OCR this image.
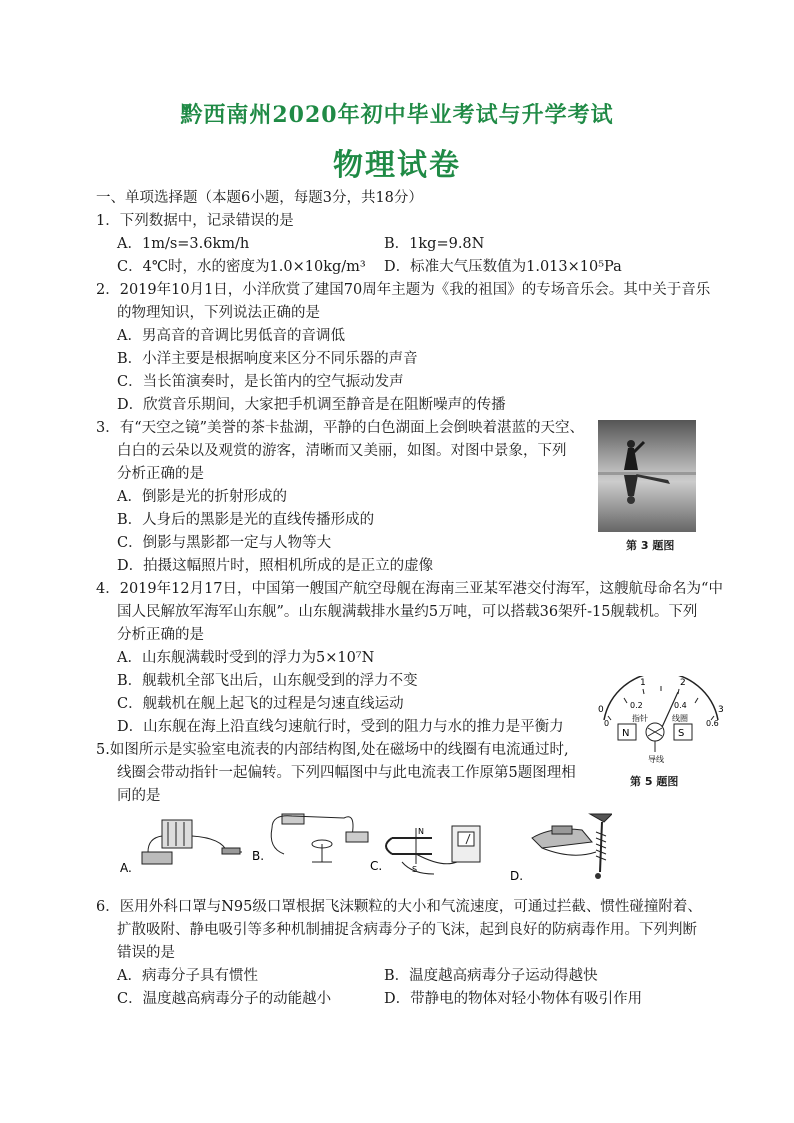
黔西南州2020年初中毕业考试与升学考试
物理试卷
一、单项选择题（本题6小题，每题3分，共18分）
1．下列数据中，记录错误的是
A．1m/s=3.6km/h	B．1kg=9.8N
C．4℃时，水的密度为1.0×10kg/m³ D．标准大气压数值为1.013×10⁵Pa
2．2019年10月1日，小洋欣赏了建国70周年主题为《我的祖国》的专场音乐会。其中关于音乐
的物理知识，下列说法正确的是
A．男高音的音调比男低音的音调低
B．小洋主要是根据响度来区分不同乐器的声音
C．当长笛演奏时，是长笛内的空气振动发声
D．欣赏音乐期间，大家把手机调至静音是在阻断噪声的传播
3．有“天空之镜”美誉的茶卡盐湖，平静的白色湖面上会倒映着湛蓝的天空、
白白的云朵以及观赏的游客，清晰而又美丽，如图。对图中景象，下列
分析正确的是
A．倒影是光的折射形成的
B．人身后的黑影是光的直线传播形成的
C．倒影与黑影都一定与人物等大
D．拍摄这幅照片时，照相机所成的是正立的虚像
第 3 题图
4．2019年12月17日，中国第一艘国产航空母舰在海南三亚某军港交付海军，这艘航母命名为“中
国人民解放军海军山东舰”。山东舰满载排水量约5万吨，可以搭载36架歼-15舰载机。下列
分析正确的是
A．山东舰满载时受到的浮力为5×10⁷N
B．舰载机全部飞出后，山东舰受到的浮力不变
C．舰载机在舰上起飞的过程是匀速直线运动
D．山东舰在海上沿直线匀速航行时，受到的阻力与水的推力是平衡力
5.如图所示是实验室电流表的内部结构图,处在磁场中的线圈有电流通过时,
线圈会带动指针一起偏转。下列四幅图中与此电流表工作原第5题图理相
同的是
0
1	2
3
0
0.2	0.4
0.6
指针	线圈
N	S
导线
第 5 题图
A.
B.
N
S
C.
D.
6．医用外科口罩与N95级口罩根据飞沫颗粒的大小和气流速度，可通过拦截、惯性碰撞附着、
扩散吸附、静电吸引等多种机制捕捉含病毒分子的飞沫，起到良好的防病毒作用。下列判断
错误的是
A．病毒分子具有惯性	B．温度越高病毒分子运动得越快
C．温度越高病毒分子的动能越小	D．带静电的物体对轻小物体有吸引作用
